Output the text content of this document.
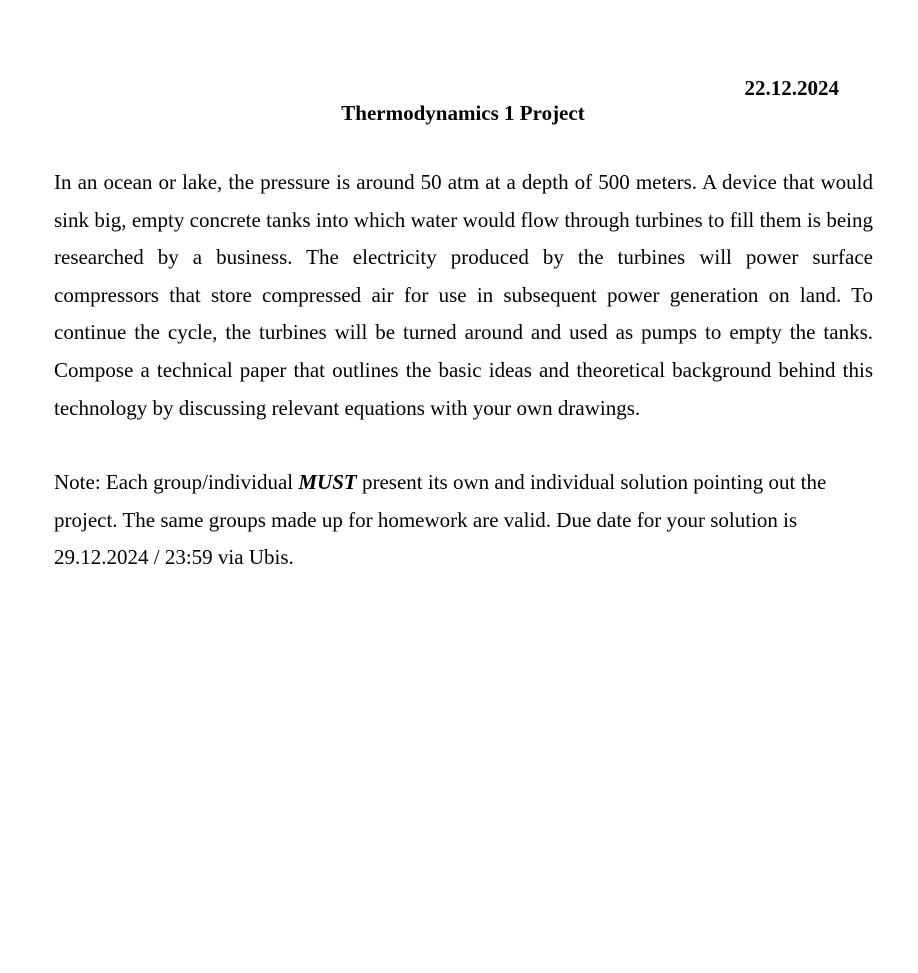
22.12.2024

Thermodynamics 1 Project

In an ocean or lake, the pressure is around 50 atm at a depth of 500 meters. A device that would sink big, empty concrete tanks into which water would flow through turbines to fill them is being researched by a business. The electricity produced by the turbines will power surface compressors that store compressed air for use in subsequent power generation on land. To continue the cycle, the turbines will be turned around and used as pumps to empty the tanks. Compose a technical paper that outlines the basic ideas and theoretical background behind this technology by discussing relevant equations with your own drawings.

Note: Each group/individual MUST present its own and individual solution pointing out the
project. The same groups made up for homework are valid. Due date for your solution is
29.12.2024 / 23:59 via Ubis.
